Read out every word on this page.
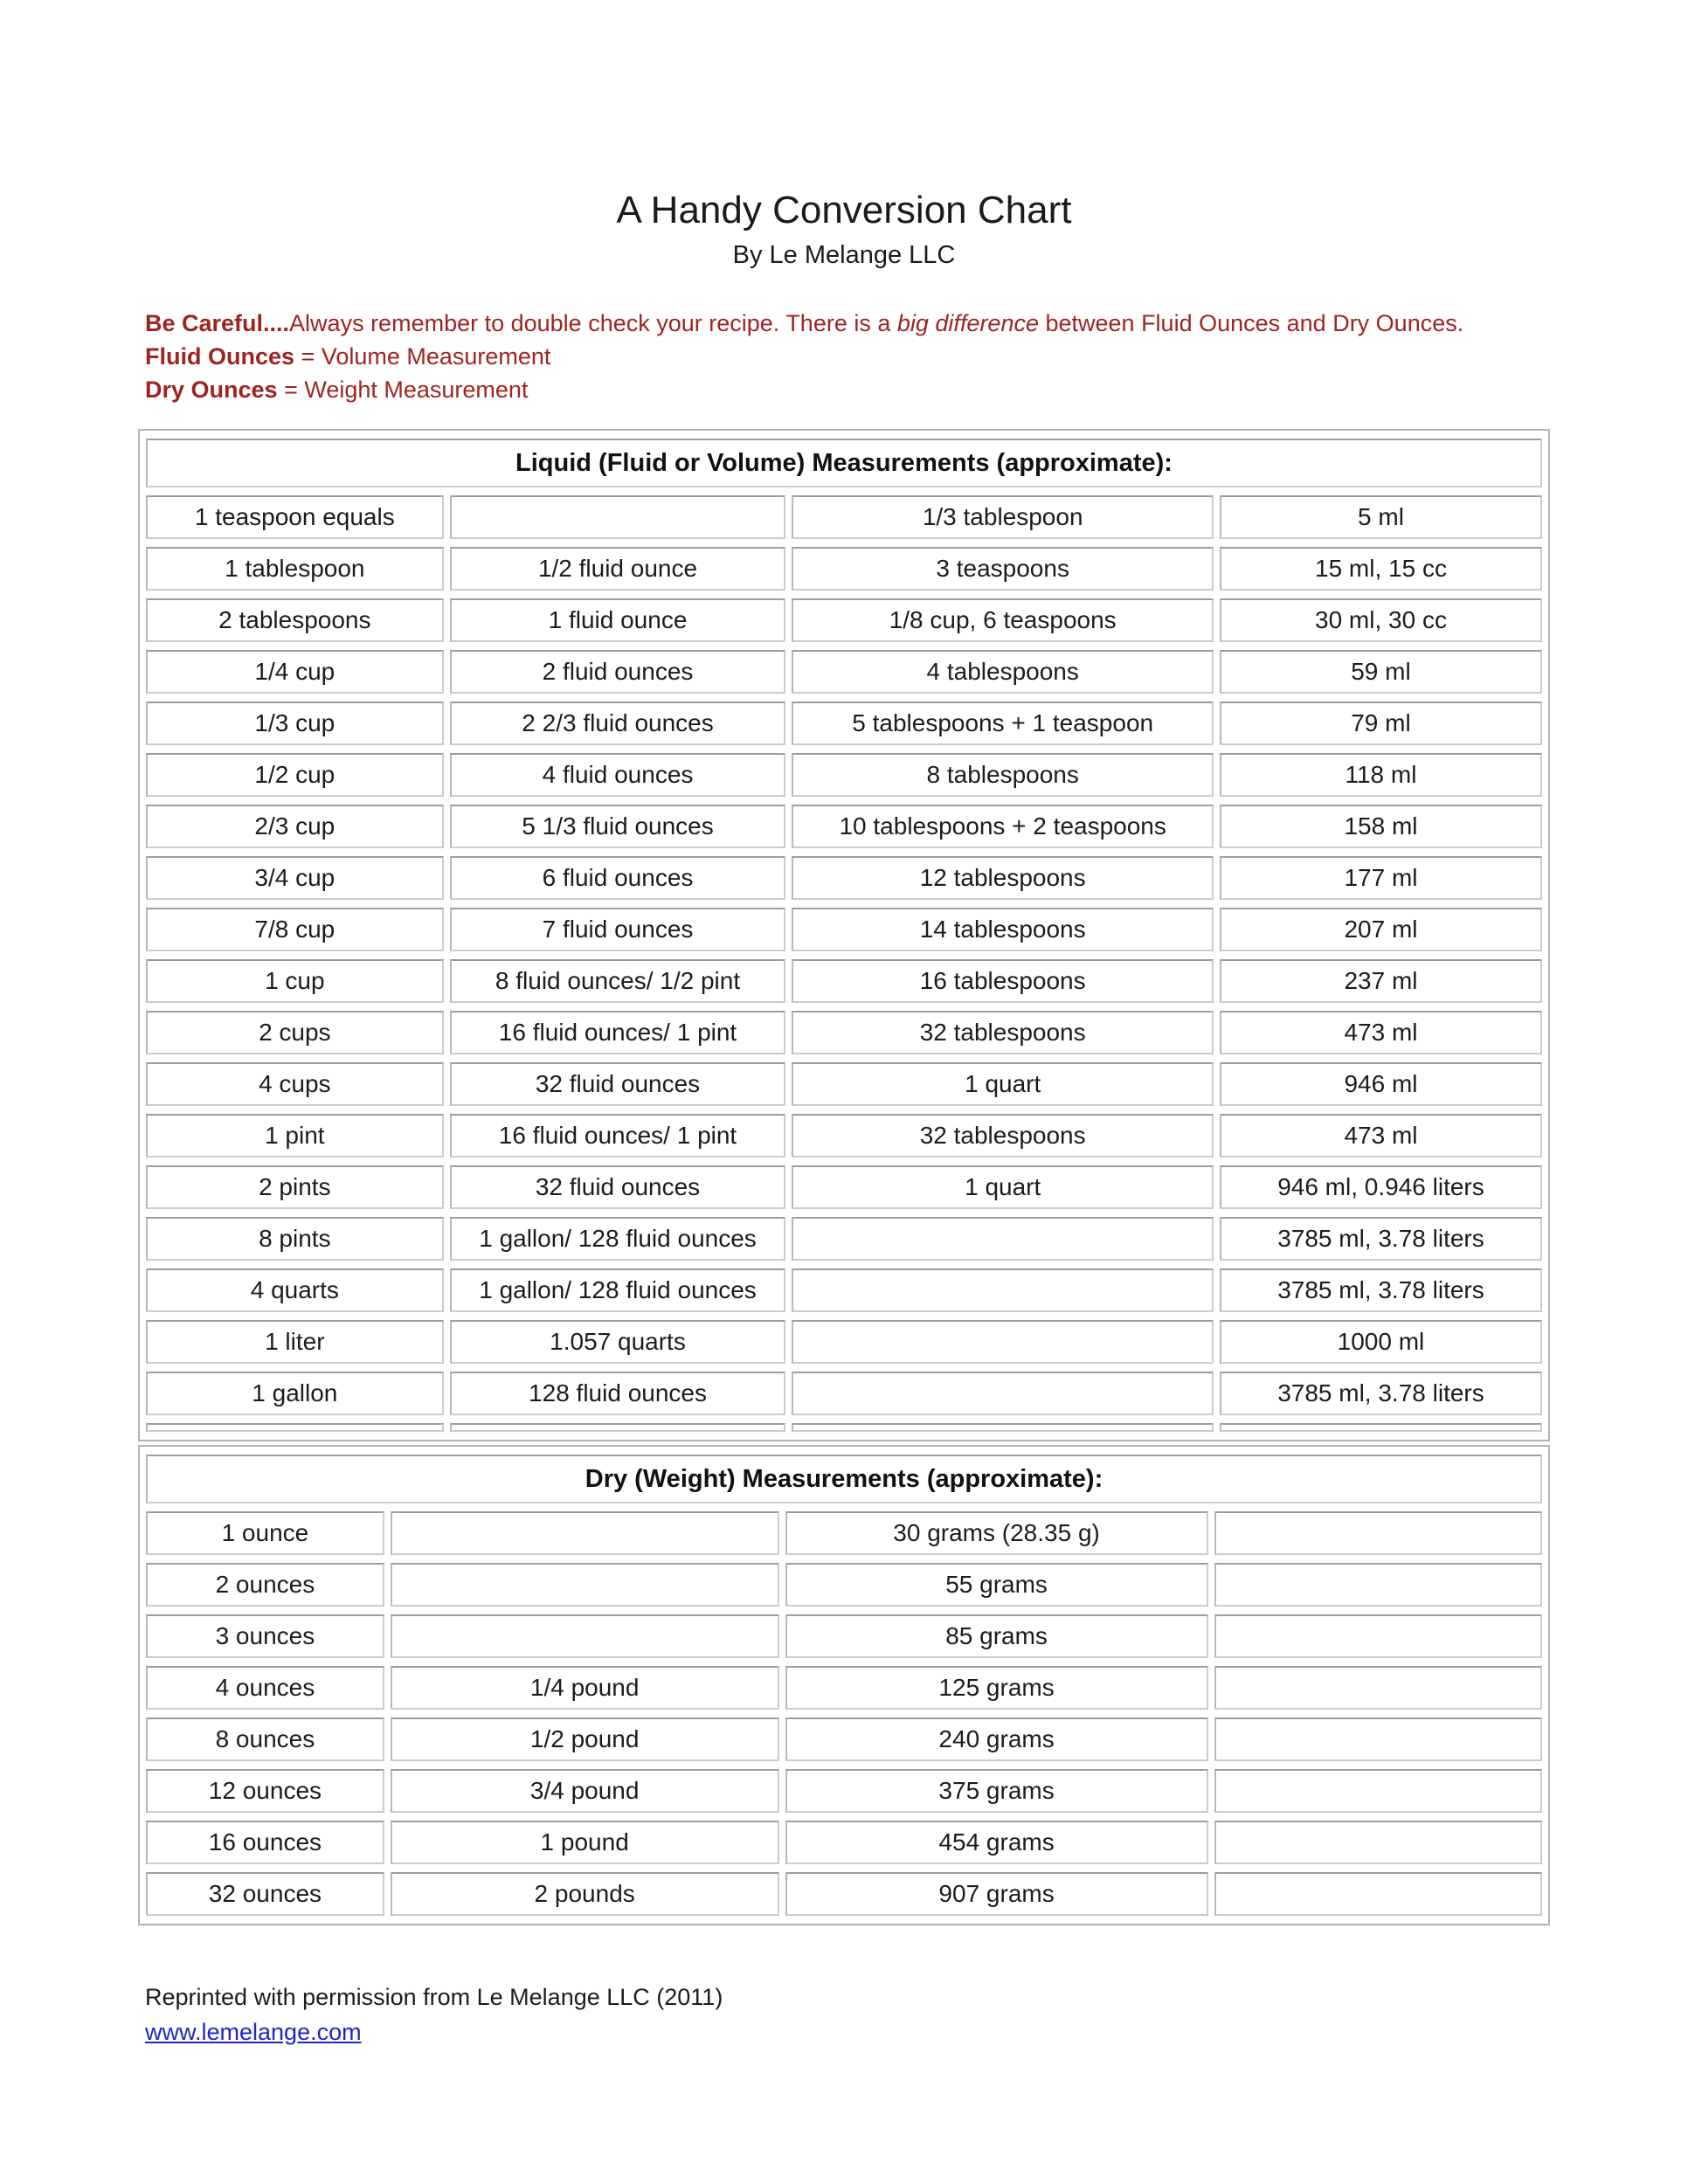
A Handy Conversion Chart
By Le Melange LLC

Be Careful....Always remember to double check your recipe. There is a big difference between Fluid Ounces and Dry Ounces.

Fluid Ounces = Volume Measurement

Dry Ounces = Weight Measurement

Liquid (Fluid or Volume) Measurements (approximate):			
1 teaspoon equals		1/3 tablespoon	5 ml
1 tablespoon	1/2 fluid ounce	3 teaspoons	15 ml, 15 cc
2 tablespoons	1 fluid ounce	1/8 cup, 6 teaspoons	30 ml, 30 cc
1/4 cup	2 fluid ounces	4 tablespoons	59 ml
1/3 cup	2 2/3 fluid ounces	5 tablespoons + 1 teaspoon	79 ml
1/2 cup	4 fluid ounces	8 tablespoons	118 ml
2/3 cup	5 1/3 fluid ounces	10 tablespoons + 2 teaspoons	158 ml
3/4 cup	6 fluid ounces	12 tablespoons	177 ml
7/8 cup	7 fluid ounces	14 tablespoons	207 ml
1 cup	8 fluid ounces/ 1/2 pint	16 tablespoons	237 ml
2 cups	16 fluid ounces/ 1 pint	32 tablespoons	473 ml
4 cups	32 fluid ounces	1 quart	946 ml
1 pint	16 fluid ounces/ 1 pint	32 tablespoons	473 ml
2 pints	32 fluid ounces	1 quart	946 ml, 0.946 liters
8 pints	1 gallon/ 128 fluid ounces		3785 ml, 3.78 liters
4 quarts	1 gallon/ 128 fluid ounces		3785 ml, 3.78 liters
1 liter	1.057 quarts		1000 ml
1 gallon	128 fluid ounces		3785 ml, 3.78 liters

Dry (Weight) Measurements (approximate):			
1 ounce		30 grams (28.35 g)	
2 ounces		55 grams	
3 ounces		85 grams	
4 ounces	1/4 pound	125 grams	
8 ounces	1/2 pound	240 grams	
12 ounces	3/4 pound	375 grams	
16 ounces	1 pound	454 grams	
32 ounces	2 pounds	907 grams	

Reprinted with permission from Le Melange LLC (2011)

www.lemelange.com
